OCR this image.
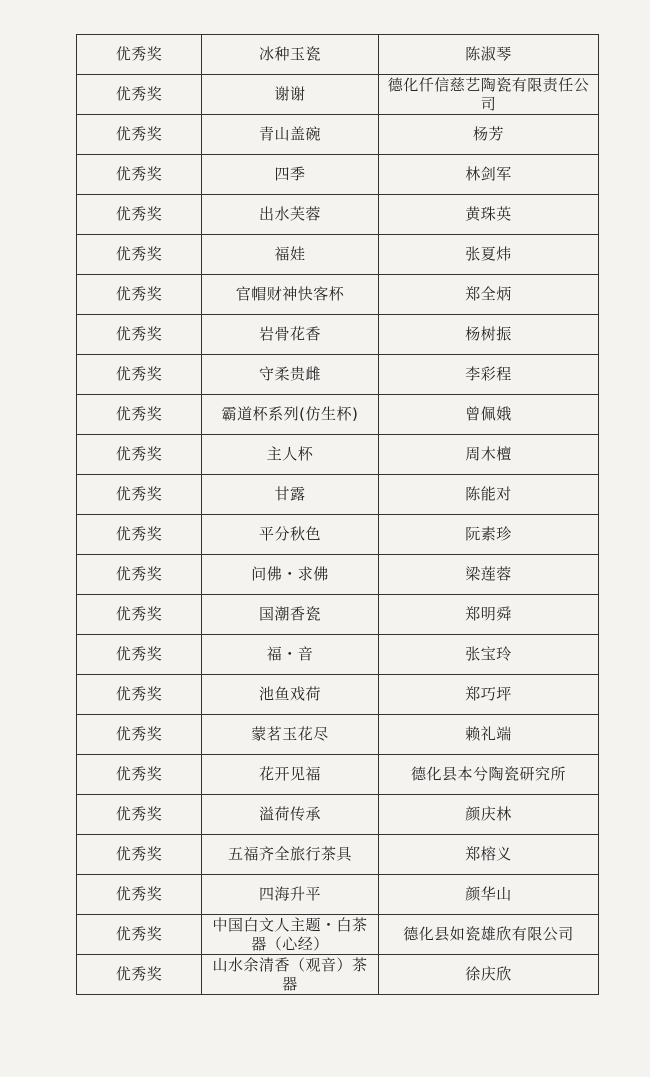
优秀奖	冰种玉瓷	陈淑琴
优秀奖	谢谢	德化仟信慈艺陶瓷有限责任公司
优秀奖	青山盖碗	杨芳
优秀奖	四季	林剑军
优秀奖	出水芙蓉	黄珠英
优秀奖	福娃	张夏炜
优秀奖	官帽财神快客杯	郑全炳
优秀奖	岩骨花香	杨树振
优秀奖	守柔贵雌	李彩程
优秀奖	霸道杯系列(仿生杯)	曾佩娥
优秀奖	主人杯	周木檀
优秀奖	甘露	陈能对
优秀奖	平分秋色	阮素珍
优秀奖	问佛・求佛	梁莲蓉
优秀奖	国潮香瓷	郑明舜
优秀奖	福・音	张宝玲
优秀奖	池鱼戏荷	郑巧坪
优秀奖	蒙茗玉花尽	赖礼端
优秀奖	花开见福	德化县本兮陶瓷研究所
优秀奖	溢荷传承	颜庆林
优秀奖	五福齐全旅行茶具	郑榕义
优秀奖	四海升平	颜华山
优秀奖	中国白文人主题・白茶器（心经）	德化县如瓷雄欣有限公司
优秀奖	山水余清香（观音）茶器	徐庆欣
